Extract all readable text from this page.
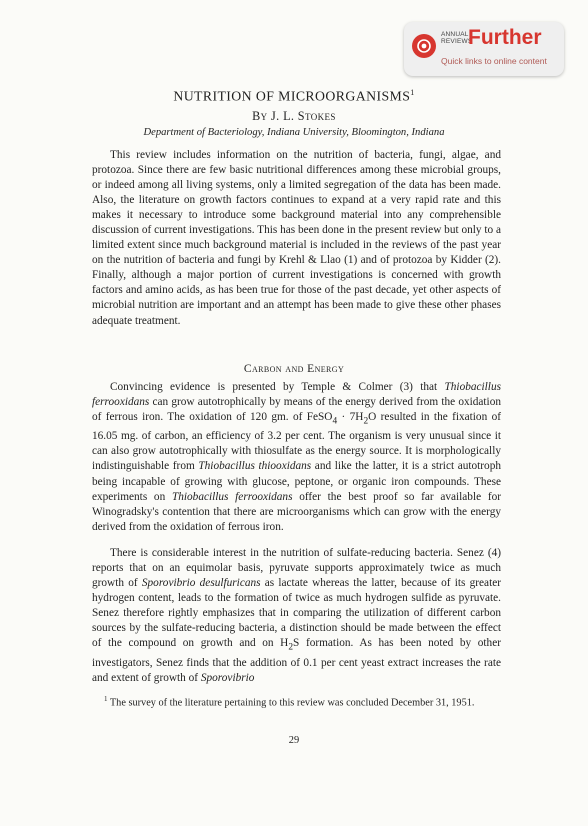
ANNUAL
REVIEWS
Further
Quick links to online content
NUTRITION OF MICROORGANISMS$^1$
By J. L. Stokes
Department of Bacteriology, Indiana University, Bloomington, Indiana

This review includes information on the nutrition of bacteria, fungi, algae, and protozoa. Since there are few basic nutritional differences among these microbial groups, or indeed among all living systems, only a limited segregation of the data has been made. Also, the literature on growth factors continues to expand at a very rapid rate and this makes it necessary to introduce some background material into any comprehensible discussion of current investigations. This has been done in the present review but only to a limited extent since much background material is included in the reviews of the past year on the nutrition of bacteria and fungi by Krehl & Llao (1) and of protozoa by Kidder (2). Finally, although a major portion of current investigations is concerned with growth factors and amino acids, as has been true for those of the past decade, yet other aspects of microbial nutrition are important and an attempt has been made to give these other phases adequate treatment.

Carbon and Energy

Convincing evidence is presented by Temple & Colmer (3) that Thiobacillus ferrooxidans can grow autotrophically by means of the energy derived from the oxidation of ferrous iron. The oxidation of 120 gm. of FeSO$_4$ · $7H_2O$ resulted in the fixation of 16.05 mg. of carbon, an efficiency of 3.2 per cent. The organism is very unusual since it can also grow autotrophically with thiosulfate as the energy source. It is morphologically indistinguishable from Thiobacillus thiooxidans and like the latter, it is a strict autotroph being incapable of growing with glucose, peptone, or organic iron compounds. These experiments on Thiobacillus ferrooxidans offer the best proof so far available for Winogradsky's contention that there are microorganisms which can grow with the energy derived from the oxidation of ferrous iron.

There is considerable interest in the nutrition of sulfate-reducing bacteria. Senez (4) reports that on an equimolar basis, pyruvate supports approximately twice as much growth of Sporovibrio desulfuricans as lactate whereas the latter, because of its greater hydrogen content, leads to the formation of twice as much hydrogen sulfide as pyruvate. Senez therefore rightly emphasizes that in comparing the utilization of different carbon sources by the sulfate-reducing bacteria, a distinction should be made between the effect of the compound on growth and on $H_2S$ formation. As has been noted by other investigators, Senez finds that the addition of 0.1 per cent yeast extract increases the rate and extent of growth of Sporovibrio

$^1$ The survey of the literature pertaining to this review was concluded December 31, 1951.
29
